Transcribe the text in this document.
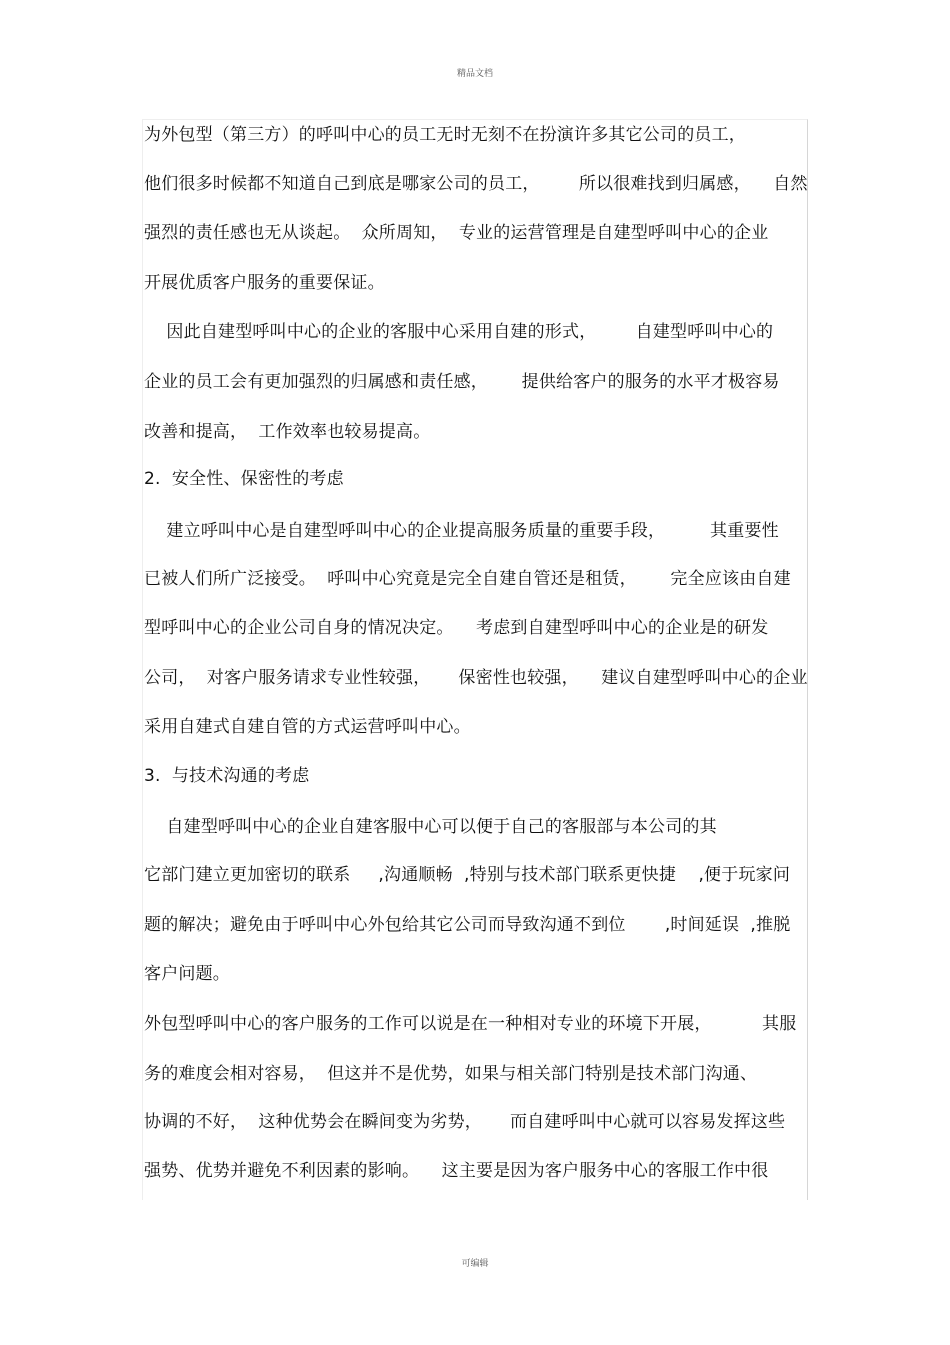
精品文档
为外包型（第三方）的呼叫中心的员工无时无刻不在扮演许多其它公司的员工，
他们很多时候都不知道自己到底是哪家公司的员工，       所以很难找到归属感，    自然
强烈的责任感也无从谈起。  众所周知，  专业的运营管理是自建型呼叫中心的企业
开展优质客户服务的重要保证。
因此自建型呼叫中心的企业的客服中心采用自建的形式，       自建型呼叫中心的
企业的员工会有更加强烈的归属感和责任感，      提供给客户的服务的水平才极容易
改善和提高，  工作效率也较易提高。
2.  安全性、保密性的考虑
建立呼叫中心是自建型呼叫中心的企业提高服务质量的重要手段，        其重要性
已被人们所广泛接受。  呼叫中心究竟是完全自建自管还是租赁，      完全应该由自建
型呼叫中心的企业公司自身的情况决定。    考虑到自建型呼叫中心的企业是的研发
公司，  对客户服务请求专业性较强，     保密性也较强，    建议自建型呼叫中心的企业
采用自建式自建自管的方式运营呼叫中心。
3.  与技术沟通的考虑
自建型呼叫中心的企业自建客服中心可以便于自己的客服部与本公司的其
它部门建立更加密切的联系     ,沟通顺畅  ,特别与技术部门联系更快捷    ,便于玩家问
题的解决；避免由于呼叫中心外包给其它公司而导致沟通不到位       ,时间延误  ,推脱
客户问题。
外包型呼叫中心的客户服务的工作可以说是在一种相对专业的环境下开展，         其服
务的难度会相对容易，  但这并不是优势，如果与相关部门特别是技术部门沟通、
协调的不好，  这种优势会在瞬间变为劣势，     而自建呼叫中心就可以容易发挥这些
强势、优势并避免不利因素的影响。    这主要是因为客户服务中心的客服工作中很
可编辑
